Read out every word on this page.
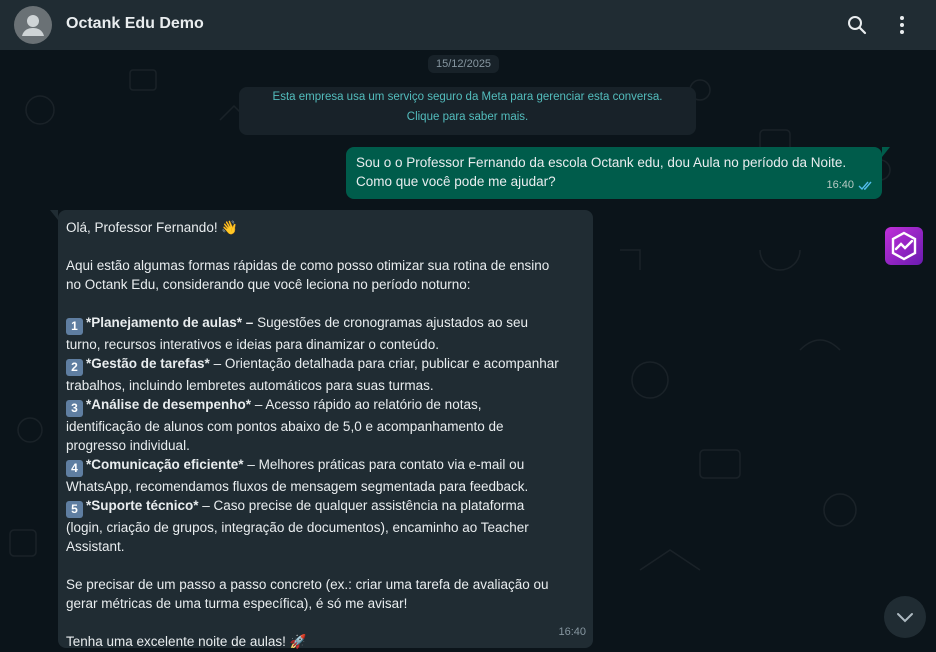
Octank Edu Demo
15/12/2025
Esta empresa usa um serviço seguro da Meta para gerenciar esta conversa.
Clique para saber mais.
Sou o o Professor Fernando da escola Octank edu, dou Aula no período da Noite.
Como que você pode me ajudar?	16:40

Olá, Professor Fernando! 👋

Aqui estão algumas formas rápidas de como posso otimizar sua rotina de ensino

no Octank Edu, considerando que você leciona no período noturno:

1 *Planejamento de aulas* – Sugestões de cronogramas ajustados ao seu

turno, recursos interativos e ideias para dinamizar o conteúdo.

2 *Gestão de tarefas* – Orientação detalhada para criar, publicar e acompanhar

trabalhos, incluindo lembretes automáticos para suas turmas.

3 *Análise de desempenho* – Acesso rápido ao relatório de notas,

identificação de alunos com pontos abaixo de 5,0 e acompanhamento de

progresso individual.

4 *Comunicação eficiente* – Melhores práticas para contato via e-mail ou

WhatsApp, recomendamos fluxos de mensagem segmentada para feedback.

5 *Suporte técnico* – Caso precise de qualquer assistência na plataforma

(login, criação de grupos, integração de documentos), encaminho ao Teacher

Assistant.

Se precisar de um passo a passo concreto (ex.: criar uma tarefa de avaliação ou

gerar métricas de uma turma específica), é só me avisar!

Tenha uma excelente noite de aulas! 🚀

16:40
